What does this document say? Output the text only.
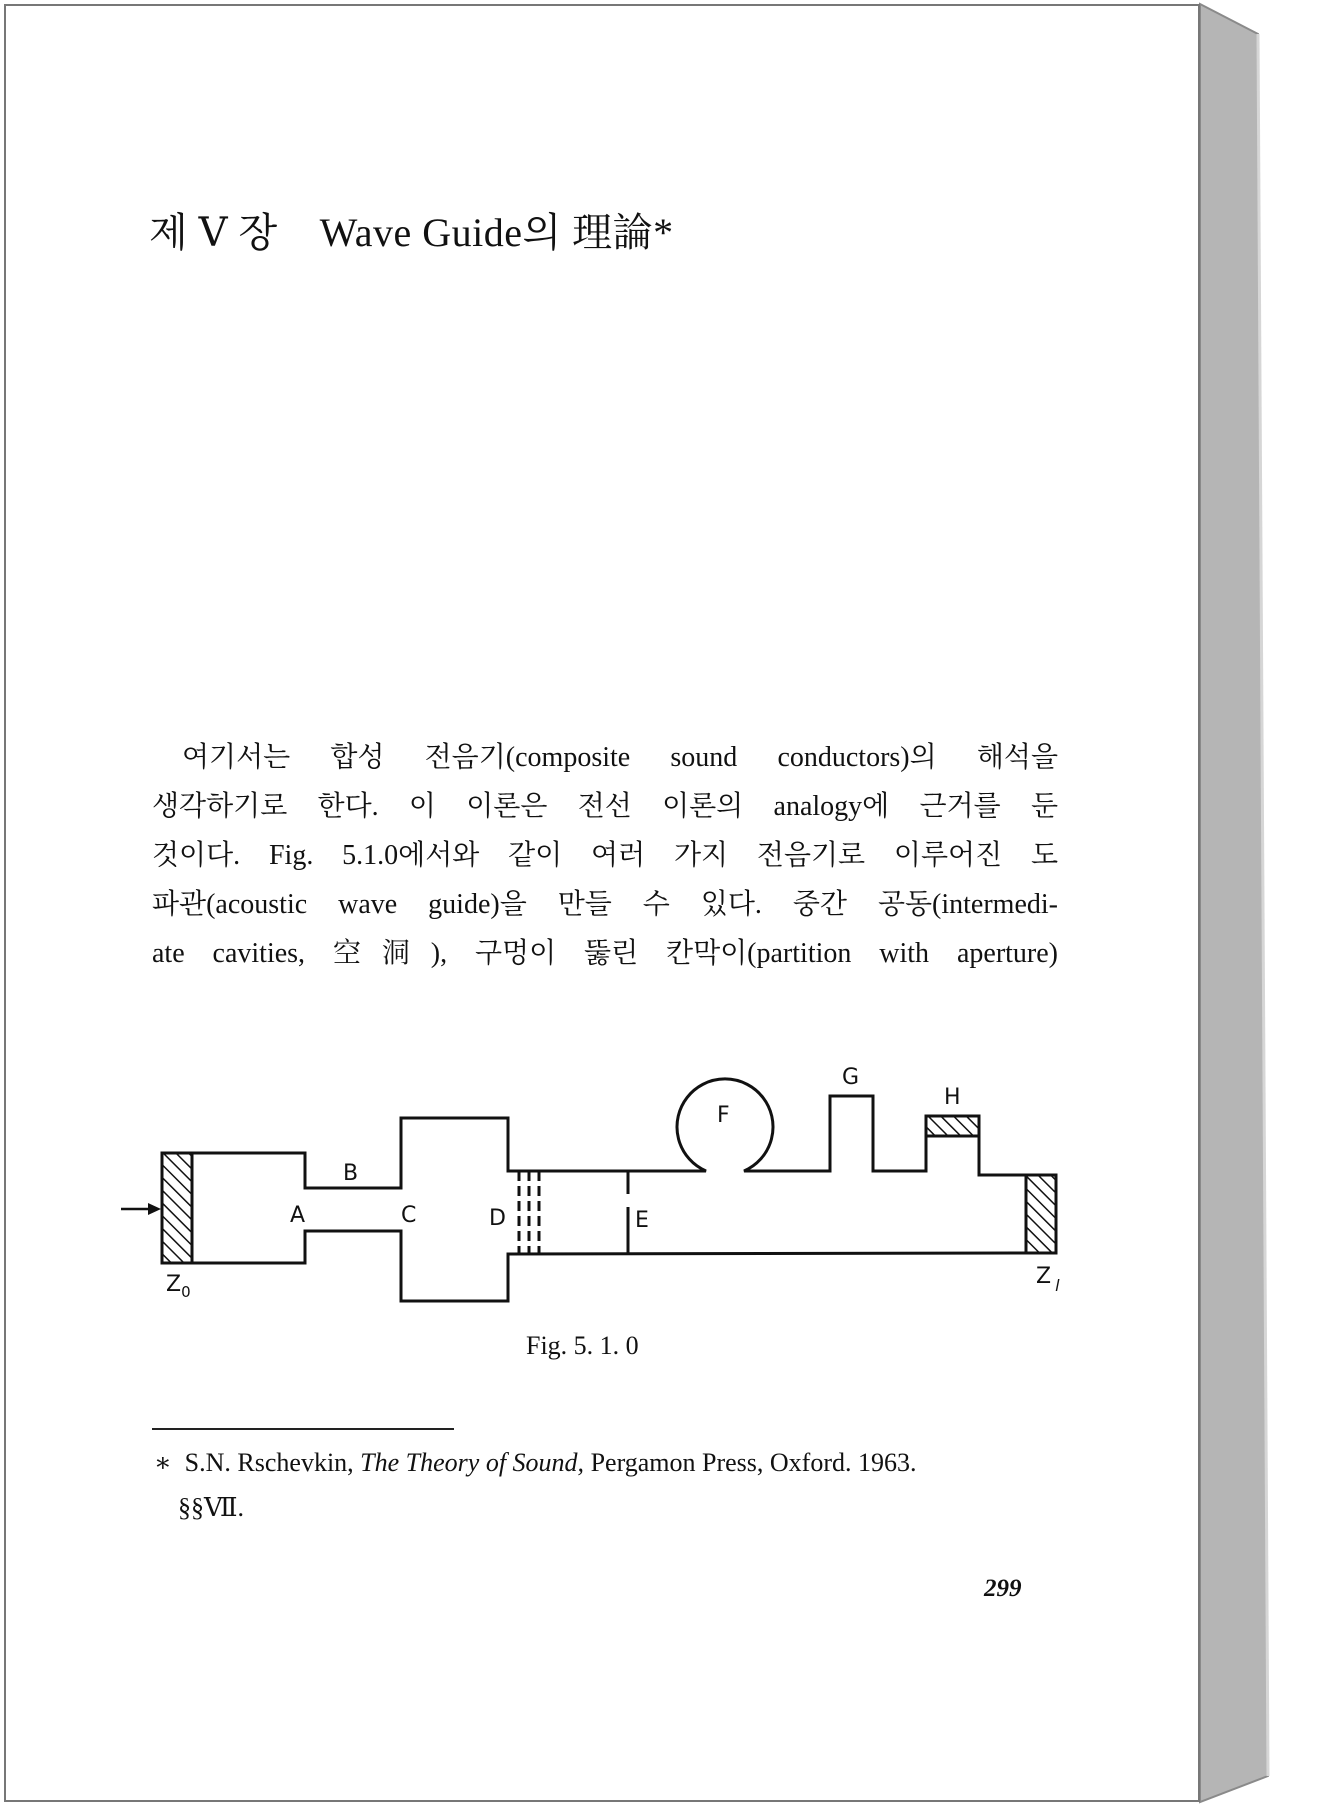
제 Ⅴ 장 Wave Guide의 理論*
여기서는 합성 전음기(composite sound conductors)의 해석을
생각하기로 한다. 이 이론은 전선 이론의 analogy에 근거를 둔
것이다. Fig. 5.1.0에서와 같이 여러 가지 전음기로 이루어진 도
파관(acoustic wave guide)을 만들 수 있다. 중간 공동(intermedi-
ate cavities, 空洞), 구멍이 뚫린 칸막이(partition with aperture)
A
B
C	D	E
F
G
H
$Z_0$
Z $_l$
Fig. 5. 1. 0
∗ S.N. Rschevkin, The Theory of Sound, Pergamon Press, Oxford. 1963.
§§Ⅶ.
299
